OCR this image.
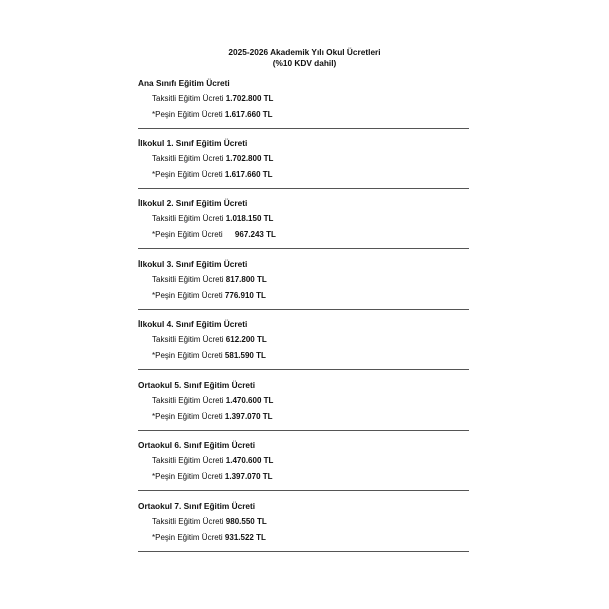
2025-2026 Akademik Yılı Okul Ücretleri
(%10 KDV dahil)
Ana Sınıfı Eğitim Ücreti
Taksitli Eğitim Ücreti 1.702.800 TL
*Peşin Eğitim Ücreti 1.617.660 TL
İlkokul 1. Sınıf Eğitim Ücreti
Taksitli Eğitim Ücreti 1.702.800 TL
*Peşin Eğitim Ücreti 1.617.660 TL
İlkokul 2. Sınıf Eğitim Ücreti
Taksitli Eğitim Ücreti 1.018.150 TL
*Peşin Eğitim Ücreti 967.243 TL
İlkokul 3. Sınıf Eğitim Ücreti
Taksitli Eğitim Ücreti 817.800 TL
*Peşin Eğitim Ücreti 776.910 TL
İlkokul 4. Sınıf Eğitim Ücreti
Taksitli Eğitim Ücreti 612.200 TL
*Peşin Eğitim Ücreti 581.590 TL
Ortaokul 5. Sınıf Eğitim Ücreti
Taksitli Eğitim Ücreti 1.470.600 TL
*Peşin Eğitim Ücreti 1.397.070 TL
Ortaokul 6. Sınıf Eğitim Ücreti
Taksitli Eğitim Ücreti 1.470.600 TL
*Peşin Eğitim Ücreti 1.397.070 TL
Ortaokul 7. Sınıf Eğitim Ücreti
Taksitli Eğitim Ücreti 980.550 TL
*Peşin Eğitim Ücreti 931.522 TL
